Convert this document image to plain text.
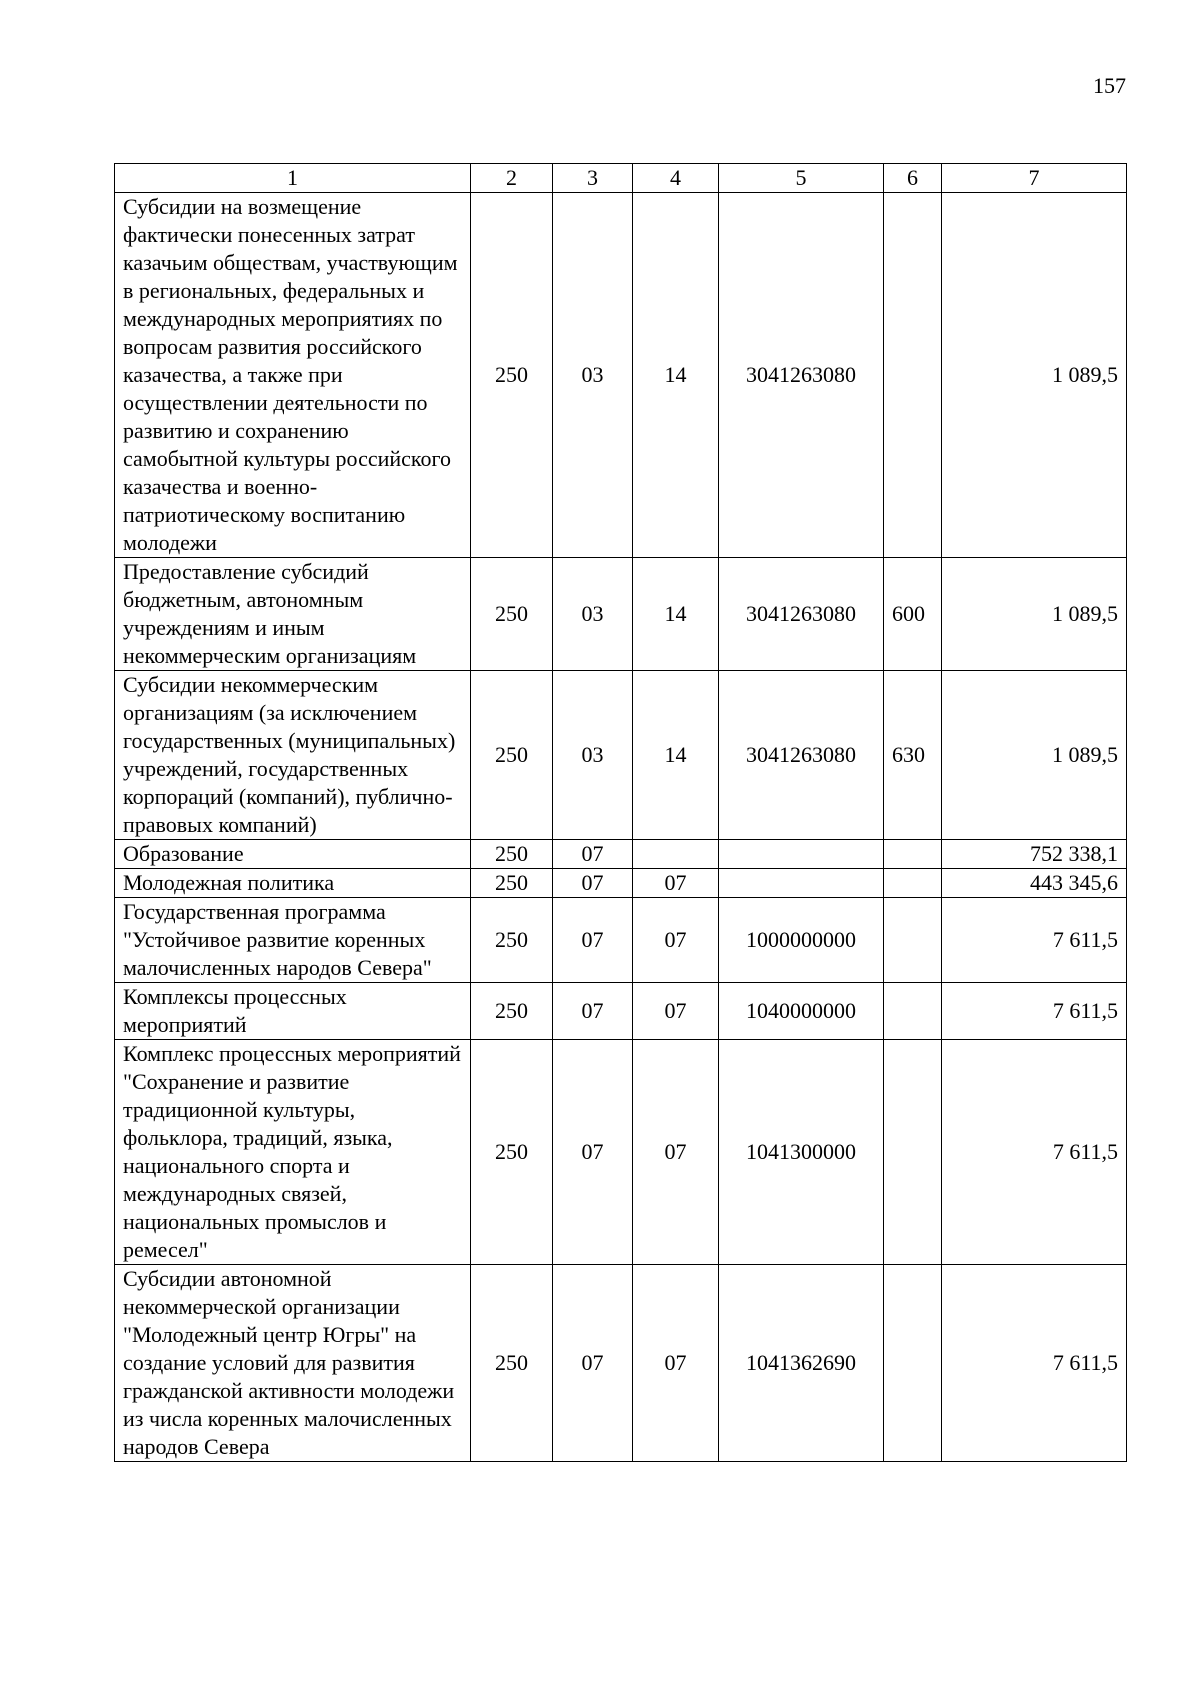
157
1	2	3	4	5	6	7
Субсидии на возмещение фактически понесенных затрат казачьим обществам, участвующим в региональных, федеральных и международных мероприятиях по вопросам развития российского казачества, а также при осуществлении деятельности по развитию и сохранению самобытной культуры российского казачества и военно-патриотическому воспитанию молодежи	250	03	14	3041263080		1 089,5
Предоставление субсидий бюджетным, автономным учреждениям и иным некоммерческим организациям	250	03	14	3041263080	600	1 089,5
Субсидии некоммерческим организациям (за исключением государственных (муниципальных) учреждений, государственных корпораций (компаний), публично-правовых компаний)	250	03	14	3041263080	630	1 089,5
Образование	250	07				752 338,1
Молодежная политика	250	07	07			443 345,6
Государственная программа "Устойчивое развитие коренных малочисленных народов Севера"	250	07	07	1000000000		7 611,5
Комплексы процессных мероприятий	250	07	07	1040000000		7 611,5
Комплекс процессных мероприятий "Сохранение и развитие традиционной культуры, фольклора, традиций, языка, национального спорта и международных связей, национальных промыслов и ремесел"	250	07	07	1041300000		7 611,5
Субсидии автономной некоммерческой организации "Молодежный центр Югры" на создание условий для развития гражданской активности молодежи из числа коренных малочисленных народов Севера	250	07	07	1041362690		7 611,5
